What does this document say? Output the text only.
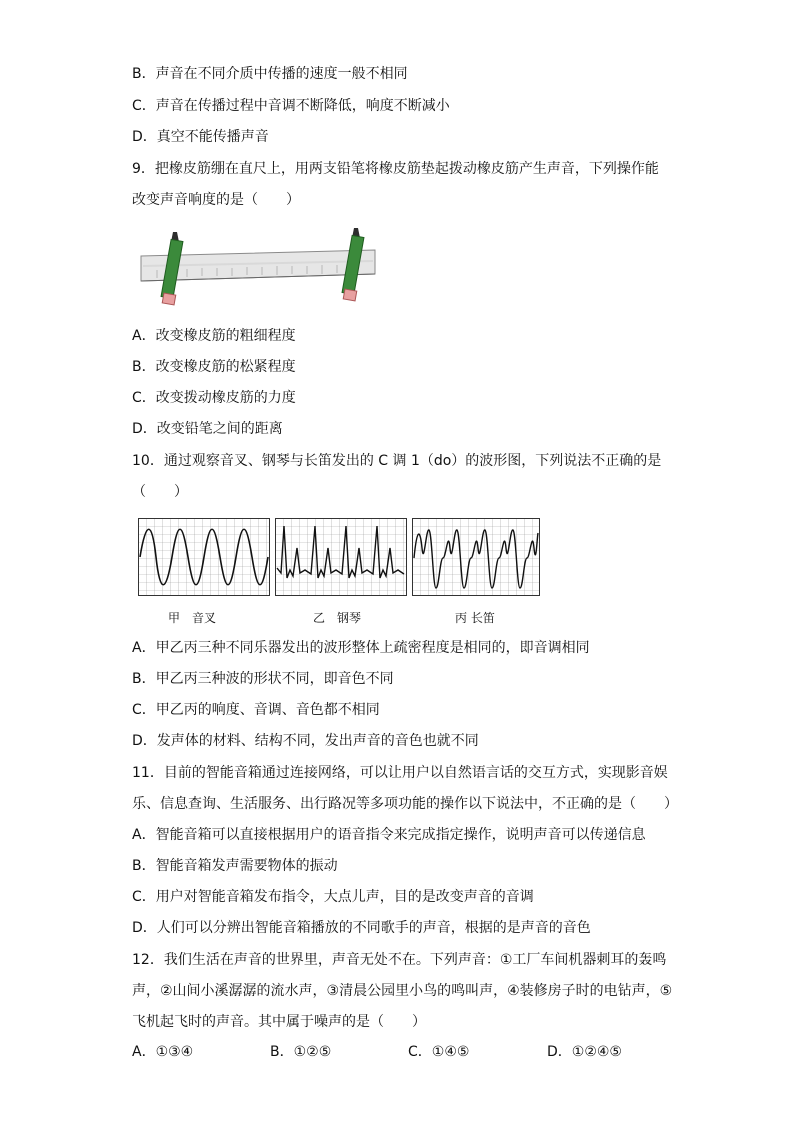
B．声音在不同介质中传播的速度一般不相同
C．声音在传播过程中音调不断降低，响度不断减小
D．真空不能传播声音
9．把橡皮筋绷在直尺上，用两支铅笔将橡皮筋垫起拨动橡皮筋产生声音，下列操作能
改变声音响度的是（　　）
A．改变橡皮筋的粗细程度
B．改变橡皮筋的松紧程度
C．改变拨动橡皮筋的力度
D．改变铅笔之间的距离
10．通过观察音叉、钢琴与长笛发出的 C 调 1（do）的波形图，下列说法不正确的是
（　　）
甲　音叉	乙　钢琴	丙 长笛
A．甲乙丙三种不同乐器发出的波形整体上疏密程度是相同的，即音调相同
B．甲乙丙三种波的形状不同，即音色不同
C．甲乙丙的响度、音调、音色都不相同
D．发声体的材料、结构不同，发出声音的音色也就不同
11．目前的智能音箱通过连接网络，可以让用户以自然语言话的交互方式，实现影音娱
乐、信息查询、生活服务、出行路况等多项功能的操作以下说法中，不正确的是（　　）
A．智能音箱可以直接根据用户的语音指令来完成指定操作，说明声音可以传递信息
B．智能音箱发声需要物体的振动
C．用户对智能音箱发布指令，大点儿声，目的是改变声音的音调
D．人们可以分辨出智能音箱播放的不同歌手的声音，根据的是声音的音色
12．我们生活在声音的世界里，声音无处不在。下列声音：①工厂车间机器刺耳的轰鸣
声，②山间小溪潺潺的流水声，③清晨公园里小鸟的鸣叫声，④装修房子时的电钻声，⑤
飞机起飞时的声音。其中属于噪声的是（　　）
A．①③④	B．①②⑤	C．①④⑤	D．①②④⑤
